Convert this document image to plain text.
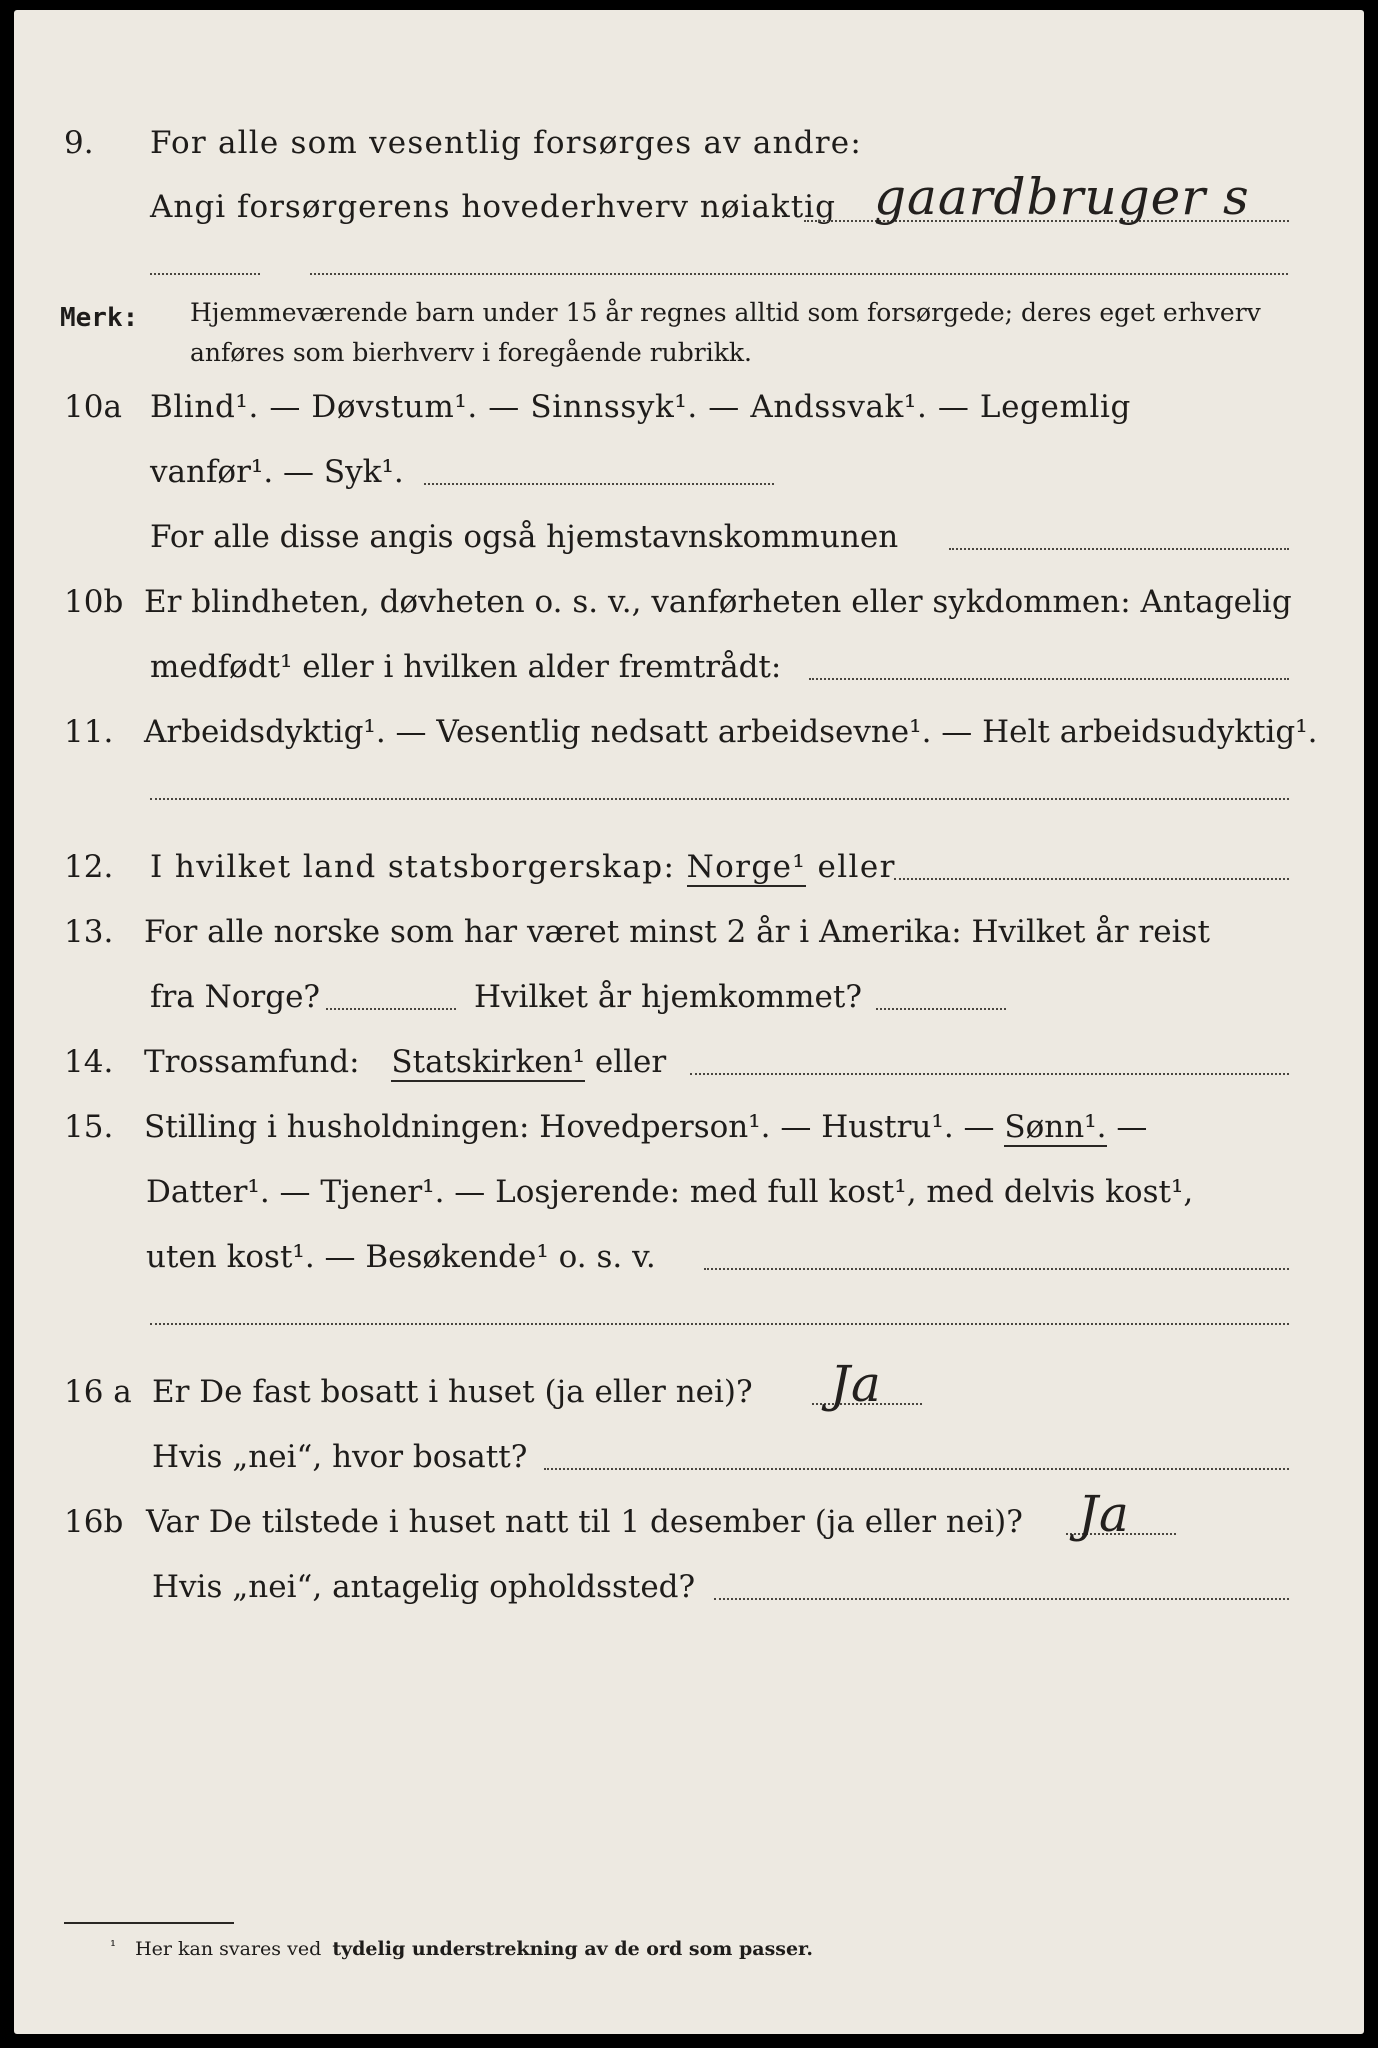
9. For alle som vesentlig forsørges av andre:
Angi forsørgerens hovederhverv nøiaktig gaardbruger s
Merk: Hjemmeværende barn under 15 år regnes alltid som forsørgede; deres eget erhverv
anføres som bierhverv i foregående rubrikk.
10a Blind¹. — Døvstum¹. — Sinnssyk¹. — Andssvak¹. — Legemlig
vanfør¹. — Syk¹.
For alle disse angis også hjemstavnskommunen
10b Er blindheten, døvheten o. s. v., vanførheten eller sykdommen: Antagelig
medfødt¹ eller i hvilken alder fremtrådt:
11. Arbeidsdyktig¹. — Vesentlig nedsatt arbeidsevne¹. — Helt arbeidsudyktig¹.
12. I hvilket land statsborgerskap: Norge¹ eller
13. For alle norske som har været minst 2 år i Amerika: Hvilket år reist
fra Norge?	Hvilket år hjemkommet?
14. Trossamfund: Statskirken¹ eller
15. Stilling i husholdningen: Hovedperson¹. — Hustru¹. — Sønn¹. —
Datter¹. — Tjener¹. — Losjerende: med full kost¹, med delvis kost¹,
uten kost¹. — Besøkende¹ o. s. v.
16 a Er De fast bosatt i huset (ja eller nei)? Ja
Hvis „nei“, hvor bosatt?
16b Var De tilstede i huset natt til 1 desember (ja eller nei)? Ja
Hvis „nei“, antagelig opholdssted?
¹ Her kan svares ved tydelig understrekning av de ord som passer.
